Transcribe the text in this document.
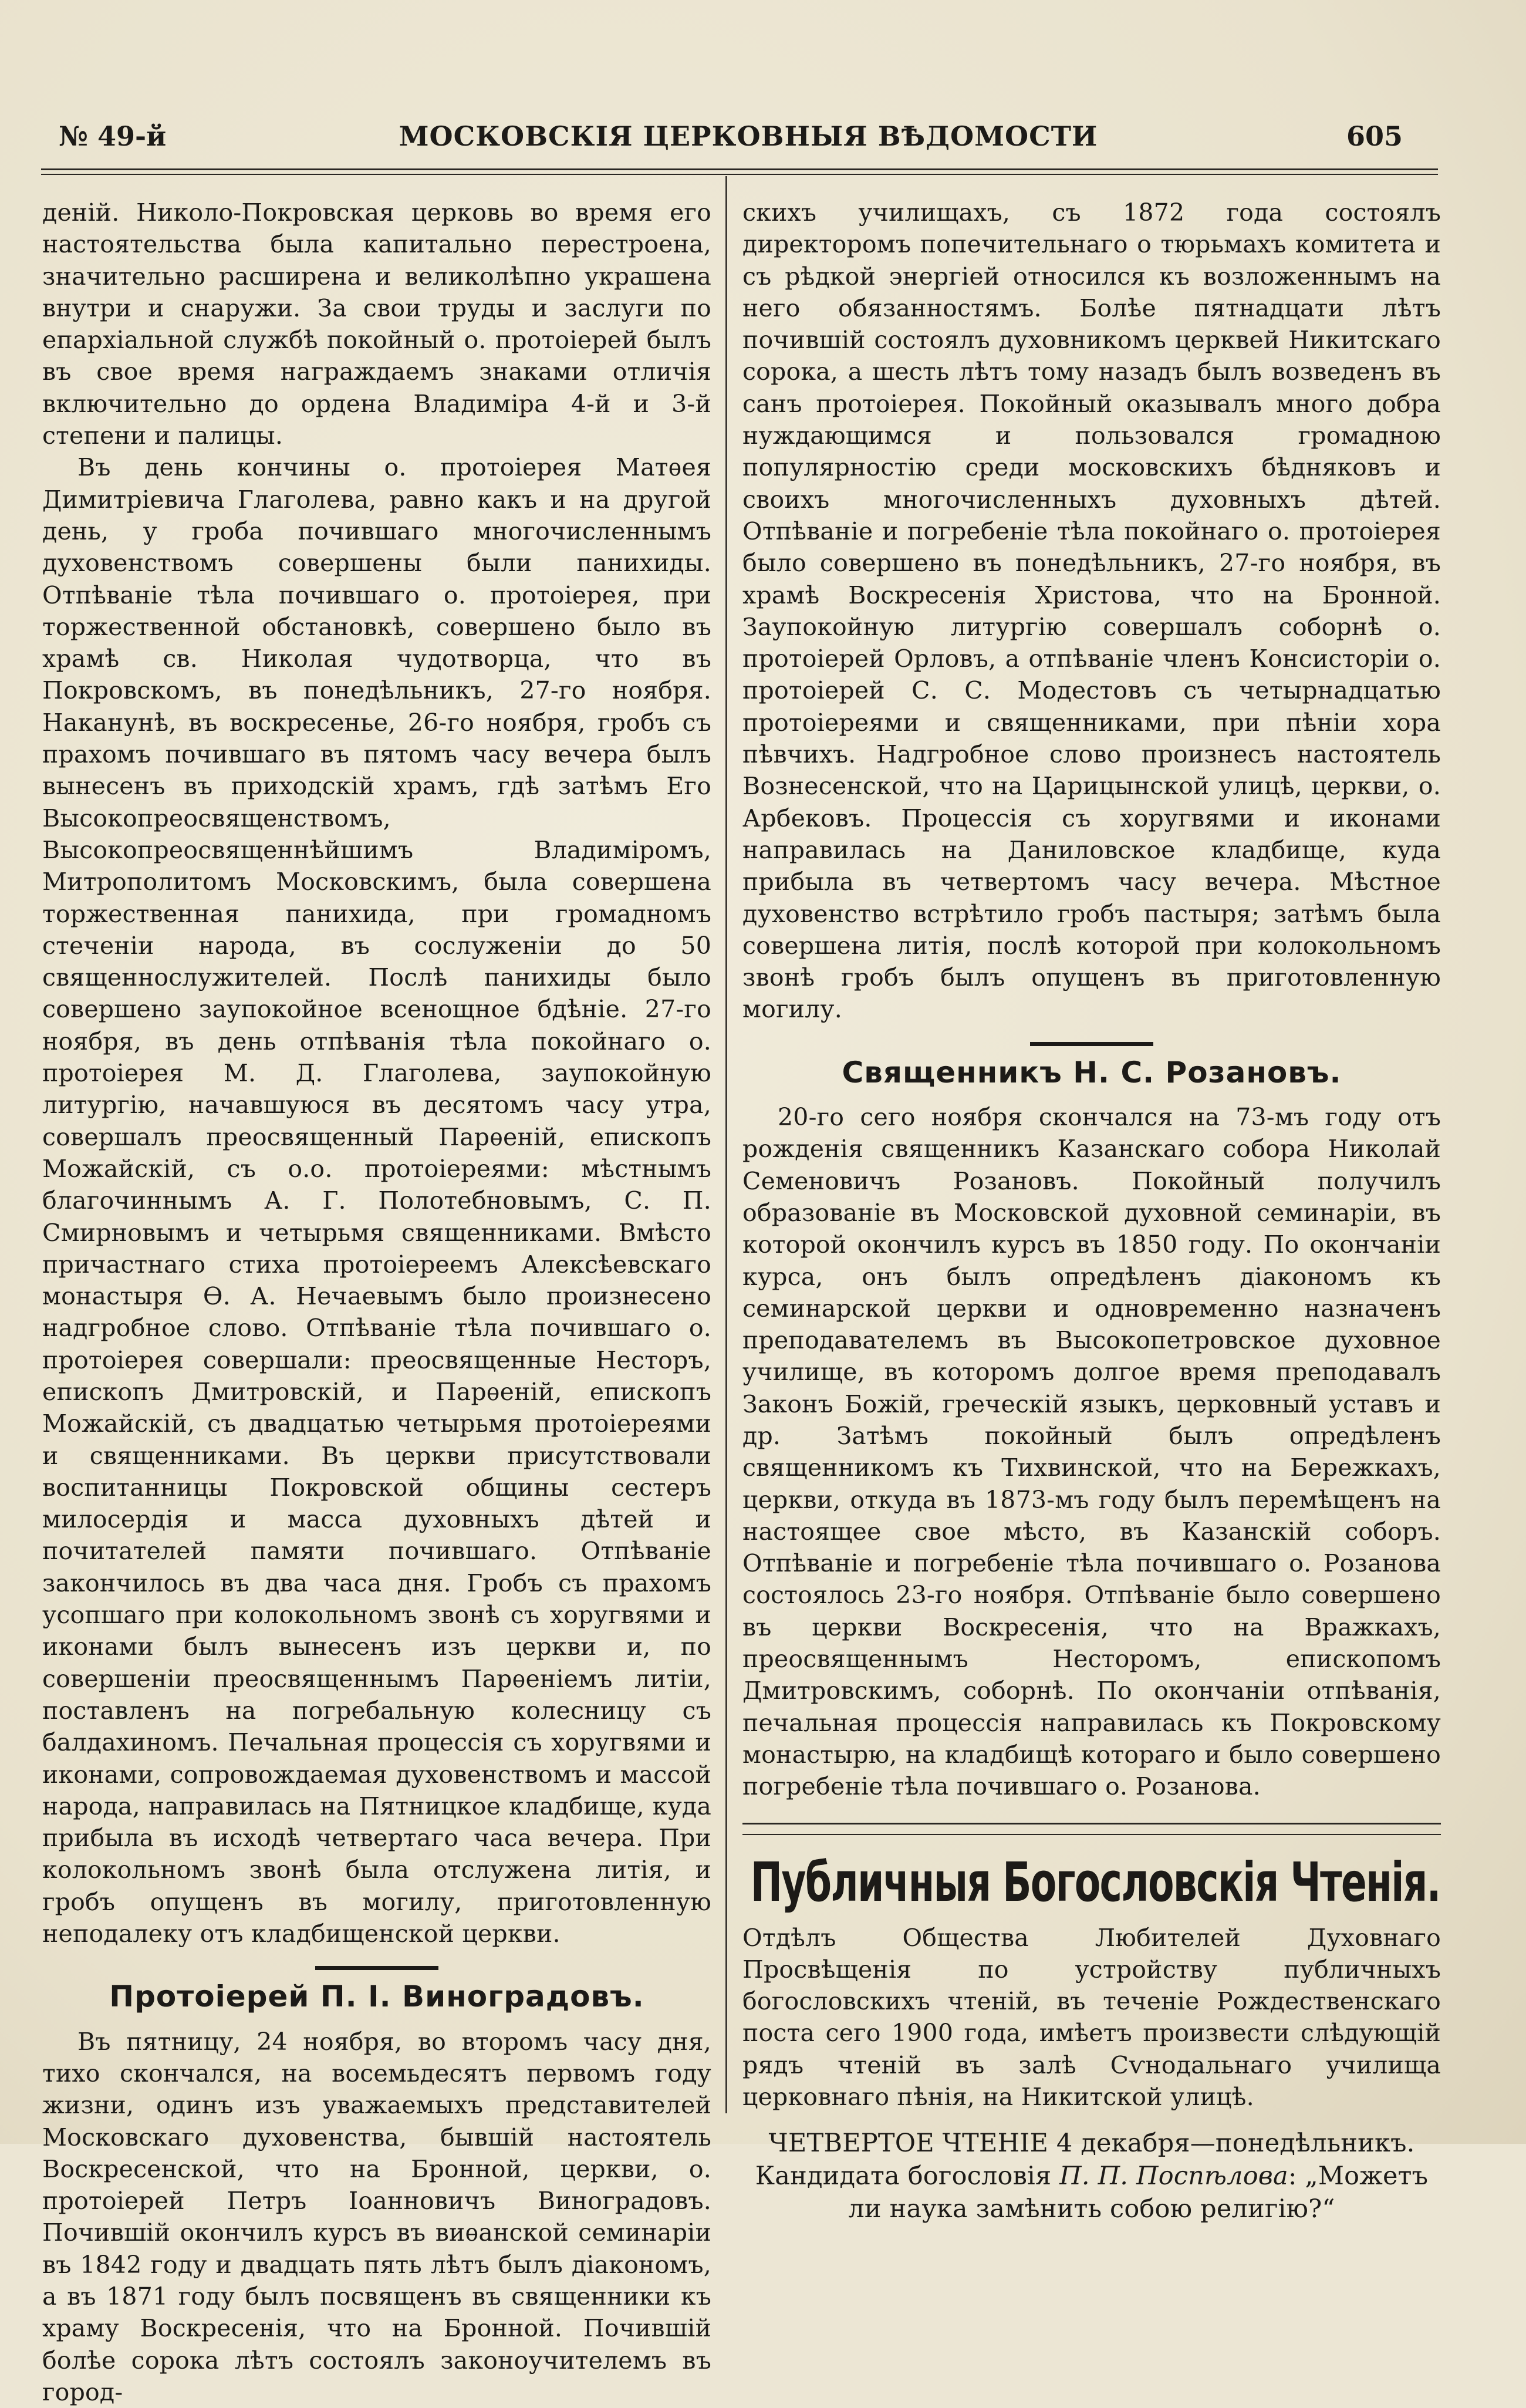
№ 49-й	МОСКОВСКІЯ ЦЕРКОВНЫЯ ВѢДОМОСТИ	605

деній. Николо-Покровская церковь во время его настоятельства была капитально перестроена, значительно расширена и великолѣпно украшена внутри и снаружи. За свои труды и заслуги по епархіальной службѣ покойный о. протоіерей былъ въ свое время награждаемъ знаками отличія включительно до ордена Владиміра 4-й и 3-й степени и палицы.

Въ день кончины о. протоіерея Матѳея Димитріевича Глаголева, равно какъ и на другой день, у гроба почившаго многочисленнымъ духовенствомъ совершены были панихиды. Отпѣваніе тѣла почившаго о. протоіерея, при торжественной обстановкѣ, совершено было въ храмѣ св. Николая чудотворца, что въ Покровскомъ, въ понедѣльникъ, 27-го ноября. Наканунѣ, въ воскресенье, 26-го ноября, гробъ съ прахомъ почившаго въ пятомъ часу вечера былъ вынесенъ въ приходскій храмъ, гдѣ затѣмъ Его Высокопреосвященствомъ, Высокопреосвященнѣйшимъ Владиміромъ, Митрополитомъ Московскимъ, была совершена торжественная панихида, при громадномъ стеченіи народа, въ сослуженіи до 50 священнослужителей. Послѣ панихиды было совершено заупокойное всенощное бдѣніе. 27-го ноября, въ день отпѣванія тѣла покойнаго о. протоіерея М. Д. Глаголева, заупокойную литургію, начавшуюся въ десятомъ часу утра, совершалъ преосвященный Парѳеній, епископъ Можайскій, съ о.о. протоіереями: мѣстнымъ благочиннымъ А. Г. Полотебновымъ, С. П. Смирновымъ и четырьмя священниками. Вмѣсто причастнаго стиха протоіереемъ Алексѣевскаго монастыря Ѳ. А. Нечаевымъ было произнесено надгробное слово. Отпѣваніе тѣла почившаго о. протоіерея совершали: преосвященные Несторъ, епископъ Дмитровскій, и Парѳеній, епископъ Можайскій, съ двадцатью четырьмя протоіереями и священниками. Въ церкви присутствовали воспитанницы Покровской общины сестеръ милосердія и масса духовныхъ дѣтей и почитателей памяти почившаго. Отпѣваніе закончилось въ два часа дня. Гробъ съ прахомъ усопшаго при колокольномъ звонѣ съ хоругвями и иконами былъ вынесенъ изъ церкви и, по совершеніи преосвященнымъ Парѳеніемъ литіи, поставленъ на погребальную колесницу съ балдахиномъ. Печальная процессія съ хоругвями и иконами, сопровождаемая духовенствомъ и массой народа, направилась на Пятницкое кладбище, куда прибыла въ исходѣ четвертаго часа вечера. При колокольномъ звонѣ была отслужена литія, и гробъ опущенъ въ могилу, приготовленную неподалеку отъ кладбищенской церкви.

Протоіерей П. І. Виноградовъ.

Въ пятницу, 24 ноября, во второмъ часу дня, тихо скончался, на восемьдесятъ первомъ году жизни, одинъ изъ уважаемыхъ представителей Московскаго духовенства, бывшій настоятель Воскресенской, что на Бронной, церкви, о. протоіерей Петръ Іоанновичъ Виноградовъ. Почившій окончилъ курсъ въ виѳанской семинаріи въ 1842 году и двадцать пять лѣтъ былъ діакономъ, а въ 1871 году былъ посвященъ въ священники къ храму Воскресенія, что на Бронной. Почившій болѣе сорока лѣтъ состоялъ законоучителемъ въ город-

скихъ училищахъ, съ 1872 года состоялъ директоромъ попечительнаго о тюрьмахъ комитета и съ рѣдкой энергіей относился къ возложеннымъ на него обязанностямъ. Болѣе пятнадцати лѣтъ почившій состоялъ духовникомъ церквей Никитскаго сорока, а шесть лѣтъ тому назадъ былъ возведенъ въ санъ протоіерея. Покойный оказывалъ много добра нуждающимся и пользовался громадною популярностію среди московскихъ бѣдняковъ и своихъ многочисленныхъ духовныхъ дѣтей. Отпѣваніе и погребеніе тѣла покойнаго о. протоіерея было совершено въ понедѣльникъ, 27-го ноября, въ храмѣ Воскресенія Христова, что на Бронной. Заупокойную литургію совершалъ соборнѣ о. протоіерей Орловъ, а отпѣваніе членъ Консисторіи о. протоіерей С. С. Модестовъ съ четырнадцатью протоіереями и священниками, при пѣніи хора пѣвчихъ. Надгробное слово произнесъ настоятель Вознесенской, что на Царицынской улицѣ, церкви, о. Арбековъ. Процессія съ хоругвями и иконами направилась на Даниловское кладбище, куда прибыла въ четвертомъ часу вечера. Мѣстное духовенство встрѣтило гробъ пастыря; затѣмъ была совершена литія, послѣ которой при колокольномъ звонѣ гробъ былъ опущенъ въ приготовленную могилу.

Священникъ Н. С. Розановъ.

20-го сего ноября скончался на 73-мъ году отъ рожденія священникъ Казанскаго собора Николай Семеновичъ Розановъ. Покойный получилъ образованіе въ Московской духовной семинаріи, въ которой окончилъ курсъ въ 1850 году. По окончаніи курса, онъ былъ опредѣленъ діакономъ къ семинарской церкви и одновременно назначенъ преподавателемъ въ Высокопетровское духовное училище, въ которомъ долгое время преподавалъ Законъ Божій, греческій языкъ, церковный уставъ и др. Затѣмъ покойный былъ опредѣленъ священникомъ къ Тихвинской, что на Бережкахъ, церкви, откуда въ 1873-мъ году былъ перемѣщенъ на настоящее свое мѣсто, въ Казанскій соборъ. Отпѣваніе и погребеніе тѣла почившаго о. Розанова состоялось 23-го ноября. Отпѣваніе было совершено въ церкви Воскресенія, что на Вражкахъ, преосвященнымъ Несторомъ, епископомъ Дмитровскимъ, соборнѣ. По окончаніи отпѣванія, печальная процессія направилась къ Покровскому монастырю, на кладбищѣ котораго и было совершено погребеніе тѣла почившаго о. Розанова.

Публичныя Богословскія Чтенія.

Отдѣлъ Общества Любителей Духовнаго Просвѣщенія по устройству публичныхъ богословскихъ чтеній, въ теченіе Рождественскаго поста сего 1900 года, имѣетъ произвести слѣдующій рядъ чтеній въ залѣ Сѵнодальнаго училища церковнаго пѣнія, на Никитской улицѣ.

ЧЕТВЕРТОЕ ЧТЕНІЕ 4 декабря—понедѣльникъ.
Кандидата богословія П. П. Поспѣлова: „Можетъ
ли наука замѣнить собою религію?“
